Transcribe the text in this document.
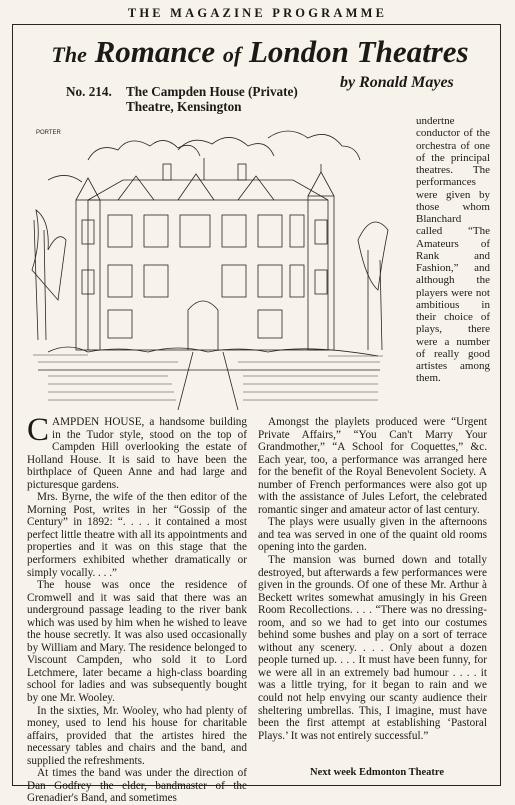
THE MAGAZINE PROGRAMME
The Romance of London Theatres
by Ronald Mayes
No. 214. The Campden House (Private)
Theatre, Kensington
PORTER

undertne conductor of the orchestra of one of the principal theatres. The performances were given by those whom Blanchard called “The Amateurs of Rank and Fashion,” and although the players were not ambitious in their choice of plays, there were a number of really good artistes among them.

CAMPDEN HOUSE, a handsome building in the Tudor style, stood on the top of Campden Hill overlooking the estate of Holland House. It is said to have been the birthplace of Queen Anne and had large and picturesque gardens.

Mrs. Byrne, the wife of the then editor of the Morning Post, writes in her “Gossip of the Century” in 1892: “. . . . it contained a most perfect little theatre with all its appointments and properties and it was on this stage that the performers exhibited whether dramatically or simply vocally. . . .”

The house was once the residence of Cromwell and it was said that there was an underground passage leading to the river bank which was used by him when he wished to leave the house secretly. It was also used occasionally by William and Mary. The residence belonged to Viscount Campden, who sold it to Lord Letchmere, later became a high-class boarding school for ladies and was subsequently bought by one Mr. Wooley.

In the sixties, Mr. Wooley, who had plenty of money, used to lend his house for charitable affairs, provided that the artistes hired the necessary tables and chairs and the band, and supplied the refreshments.

At times the band was under the direction of Dan Godfrey the elder, bandmaster of the Grenadier's Band, and sometimes

Amongst the playlets produced were “Urgent Private Affairs,” “You Can't Marry Your Grandmother,” “A School for Coquettes,” &c. Each year, too, a performance was arranged here for the benefit of the Royal Benevolent Society. A number of French performances were also got up with the assistance of Jules Lefort, the celebrated romantic singer and amateur actor of last century.

The plays were usually given in the afternoons and tea was served in one of the quaint old rooms opening into the garden.

The mansion was burned down and totally destroyed, but afterwards a few performances were given in the grounds. Of one of these Mr. Arthur à Beckett writes somewhat amusingly in his Green Room Recollections. . . . “There was no dressing-room, and so we had to get into our costumes behind some bushes and play on a sort of terrace without any scenery. . . . Only about a dozen people turned up. . . . It must have been funny, for we were all in an extremely bad humour . . . . it was a little trying, for it began to rain and we could not help envying our scanty audience their sheltering umbrellas. This, I imagine, must have been the first attempt at establishing ‘Pastoral Plays.’ It was not entirely successful.”

Next week Edmonton Theatre
